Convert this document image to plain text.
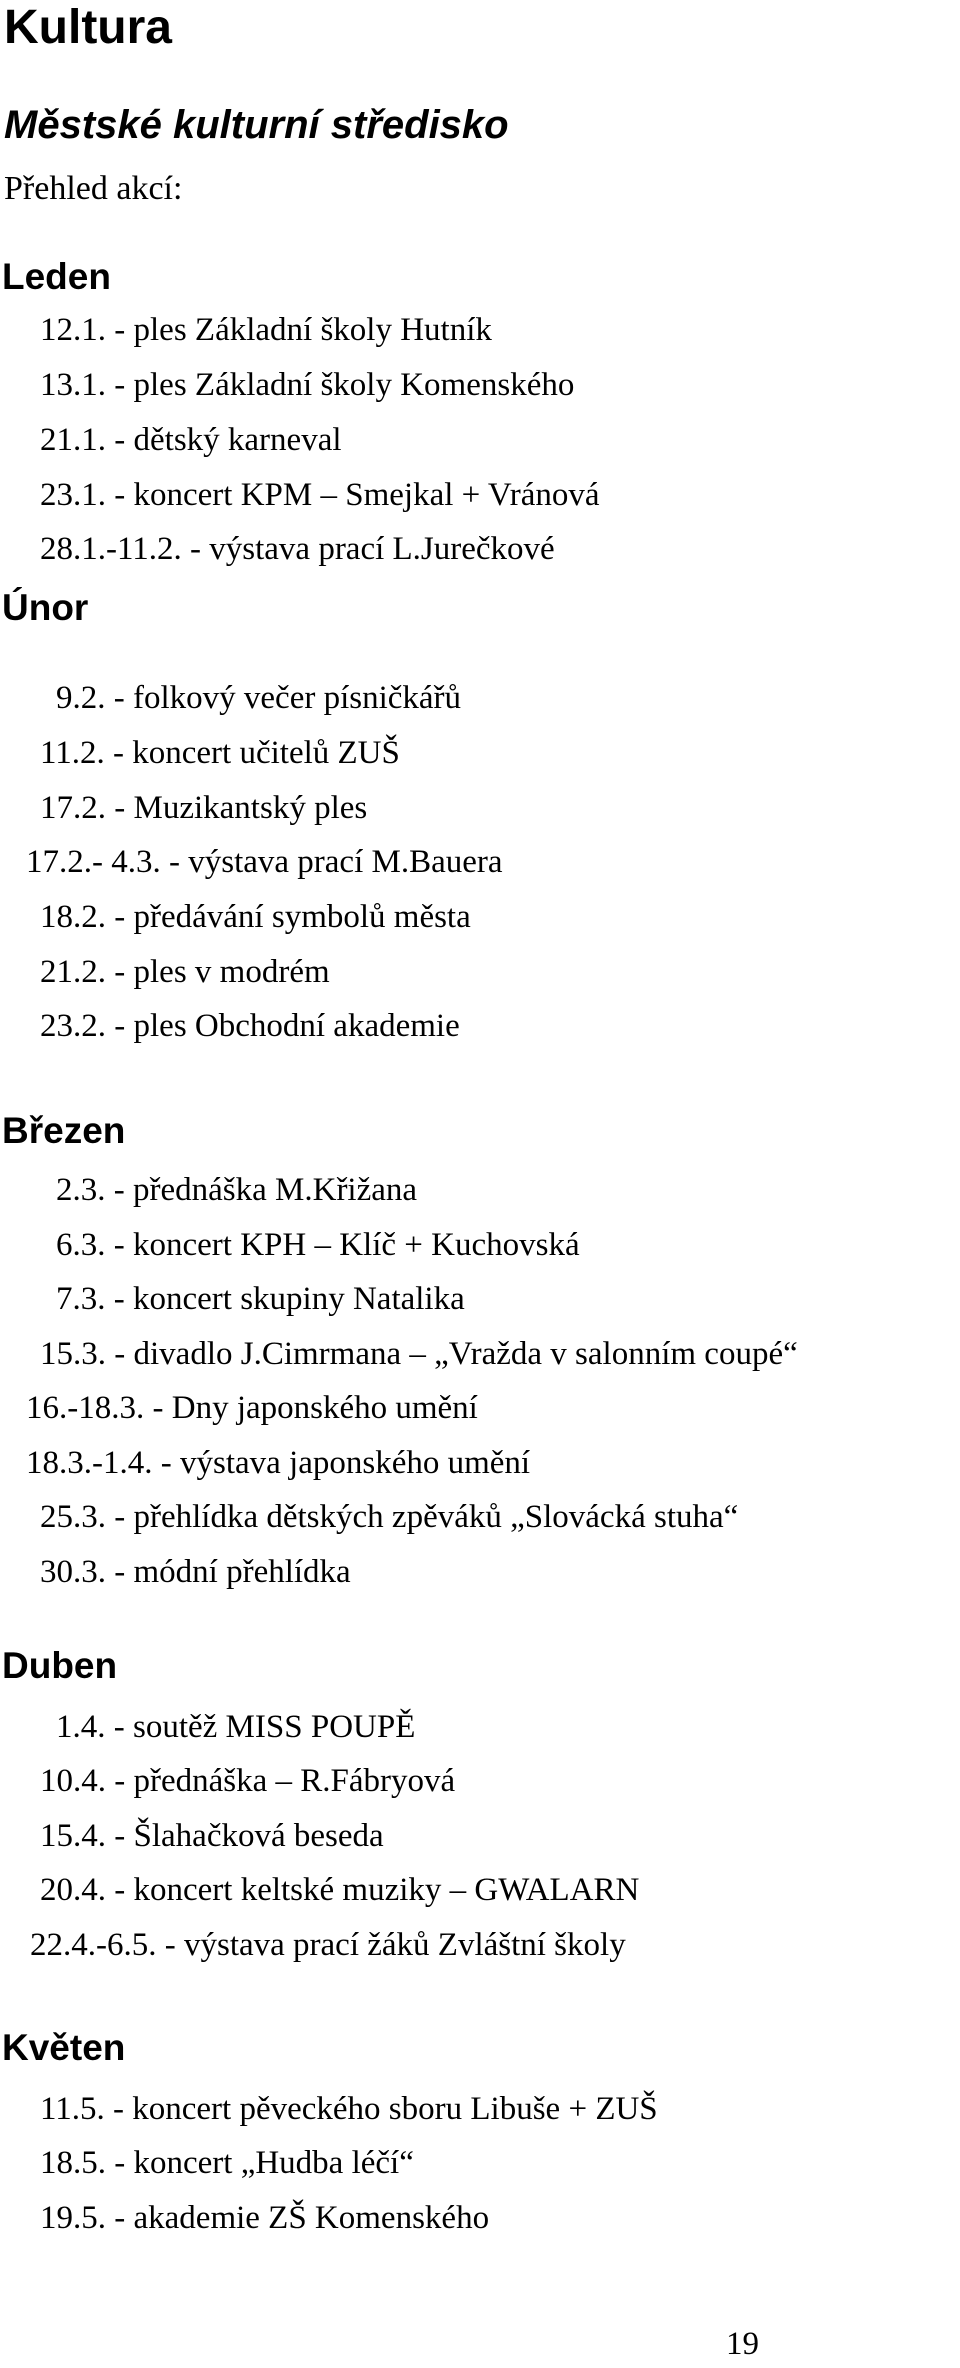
Kultura
Městské kulturní středisko
Přehled akcí:
Leden
12.1. - ples Základní školy Hutník
13.1. - ples Základní školy Komenského
21.1. - dětský karneval
23.1. - koncert KPM – Smejkal + Vránová
28.1.-11.2. - výstava prací L.Jurečkové
Únor
9.2. - folkový večer písničkářů
11.2. - koncert učitelů ZUŠ
17.2. - Muzikantský ples
17.2.- 4.3. - výstava prací M.Bauera
18.2. - předávání symbolů města
21.2. - ples v modrém
23.2. - ples Obchodní akademie
Březen
2.3. - přednáška M.Křižana
6.3. - koncert KPH – Klíč + Kuchovská
7.3. - koncert skupiny Natalika
15.3. - divadlo J.Cimrmana – „Vražda v salonním coupé“
16.-18.3. - Dny japonského umění
18.3.-1.4. - výstava japonského umění
25.3. - přehlídka dětských zpěváků „Slovácká stuha“
30.3. - módní přehlídka
Duben
1.4. - soutěž MISS POUPĚ
10.4. - přednáška – R.Fábryová
15.4. - Šlahačková beseda
20.4. - koncert keltské muziky – GWALARN
22.4.-6.5. - výstava prací žáků Zvláštní školy
Květen
11.5. - koncert pěveckého sboru Libuše + ZUŠ
18.5. - koncert „Hudba léčí“
19.5. - akademie ZŠ Komenského
19
